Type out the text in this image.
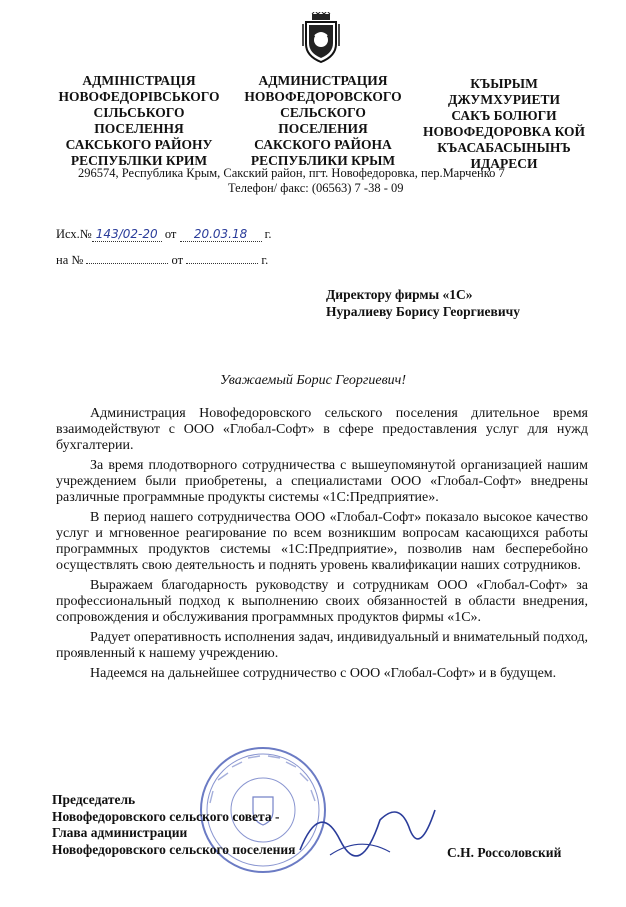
АДМІНІСТРАЦІЯ
НОВОФЕДОРІВСЬКОГО
СІЛЬСЬКОГО
ПОСЕЛЕННЯ
САКСЬКОГО РАЙОНУ
РЕСПУБЛІКИ КРИМ
АДМИНИСТРАЦИЯ
НОВОФЕДОРОВСКОГО
СЕЛЬСКОГО
ПОСЕЛЕНИЯ
САКСКОГО РАЙОНА
РЕСПУБЛИКИ КРЫМ
КЪЫРЫМ
ДЖУМХУРИЕТИ
САКЪ БОЛЮГИ
НОВОФЕДОРОВКА КОЙ
КЪАСАБАСЫНЫНЪ
ИДАРЕСИ
296574, Республика Крым, Сакский район, пгт. Новофедоровка, пер.Марченко 7
Телефон/ факс: (06563) 7 -38 - 09
Исх.№ 143/02-20 от 20.03.18 г.
на №	от	г.
Директору фирмы «1С»
Нуралиеву Борису Георгиевичу
Уважаемый Борис Георгиевич!

Администрация Новофедоровского сельского поселения длительное время взаимодействуют с ООО «Глобал-Софт» в сфере предоставления услуг для нужд бухгалтерии.

За время плодотворного сотрудничества с вышеупомянутой организацией нашим учреждением были приобретены, а специалистами ООО «Глобал-Софт» внедрены различные программные продукты системы «1С:Предприятие».

В период нашего сотрудничества ООО «Глобал-Софт» показало высокое качество услуг и мгновенное реагирование по всем возникшим вопросам касающихся работы программных продуктов системы «1С:Предприятие», позволив нам бесперебойно осуществлять свою деятельность и поднять уровень квалификации наших сотрудников.

Выражаем благодарность руководству и сотрудникам ООО «Глобал-Софт» за профессиональный подход к выполнению своих обязанностей в области внедрения, сопровождения и обслуживания программных продуктов фирмы «1С».

Радует оперативность исполнения задач, индивидуальный и внимательный подход, проявленный к нашему учреждению.

Надеемся на дальнейшее сотрудничество с ООО «Глобал-Софт» и в будущем.

Председатель
Новофедоровского сельского совета -
Глава администрации
Новофедоровского сельского поселения	С.Н. Россоловский
